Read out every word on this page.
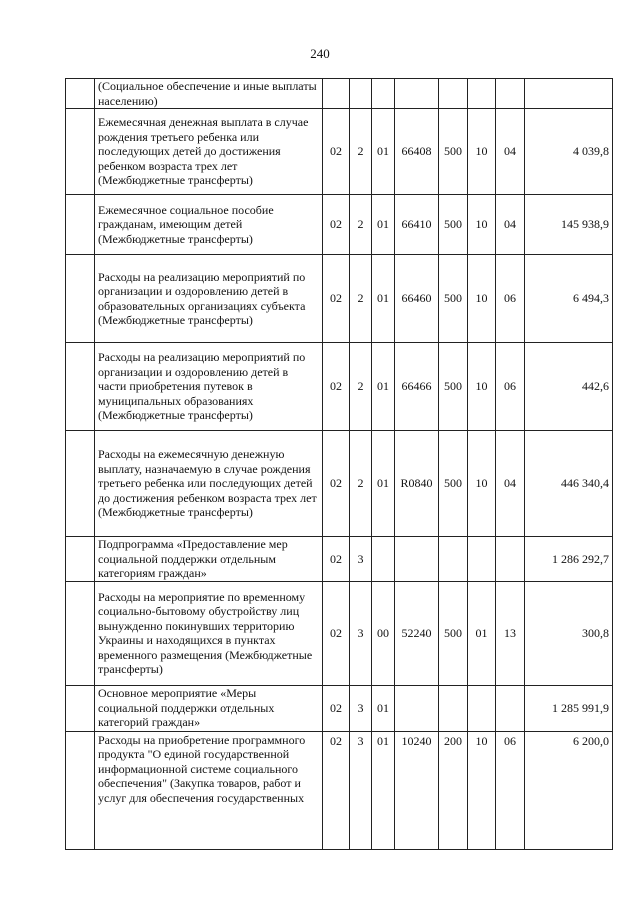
240
	(Социальное обеспечение и иные выплаты населению)								
	Ежемесячная денежная выплата в случае рождения третьего ребенка или последующих детей до достижения ребенком возраста трех лет (Межбюджетные трансферты)	02	2	01	66408	500	10	04	4 039,8
	Ежемесячное социальное пособие гражданам, имеющим детей (Межбюджетные трансферты)	02	2	01	66410	500	10	04	145 938,9
	Расходы на реализацию мероприятий по организации и оздоровлению детей в образовательных организациях субъекта (Межбюджетные трансферты)	02	2	01	66460	500	10	06	6 494,3
	Расходы на реализацию мероприятий по организации и оздоровлению детей в части приобретения путевок в муниципальных образованиях (Межбюджетные трансферты)	02	2	01	66466	500	10	06	442,6
	Расходы на ежемесячную денежную выплату, назначаемую в случае рождения третьего ребенка или последующих детей до достижения ребенком возраста трех лет (Межбюджетные трансферты)	02	2	01	R0840	500	10	04	446 340,4
	Подпрограмма «Предоставление мер социальной поддержки отдельным категориям граждан»	02	3						1 286 292,7
	Расходы на мероприятие по временному социально-бытовому обустройству лиц вынужденно покинувших территорию Украины и находящихся в пунктах временного размещения (Межбюджетные трансферты)	02	3	00	52240	500	01	13	300,8
	Основное мероприятие «Меры социальной поддержки отдельных категорий граждан»	02	3	01					1 285 991,9
	Расходы на приобретение программного продукта "О единой государственной информационной системе социального обеспечения" (Закупка товаров, работ и услуг для обеспечения государственных	02	3	01	10240	200	10	06	6 200,0
